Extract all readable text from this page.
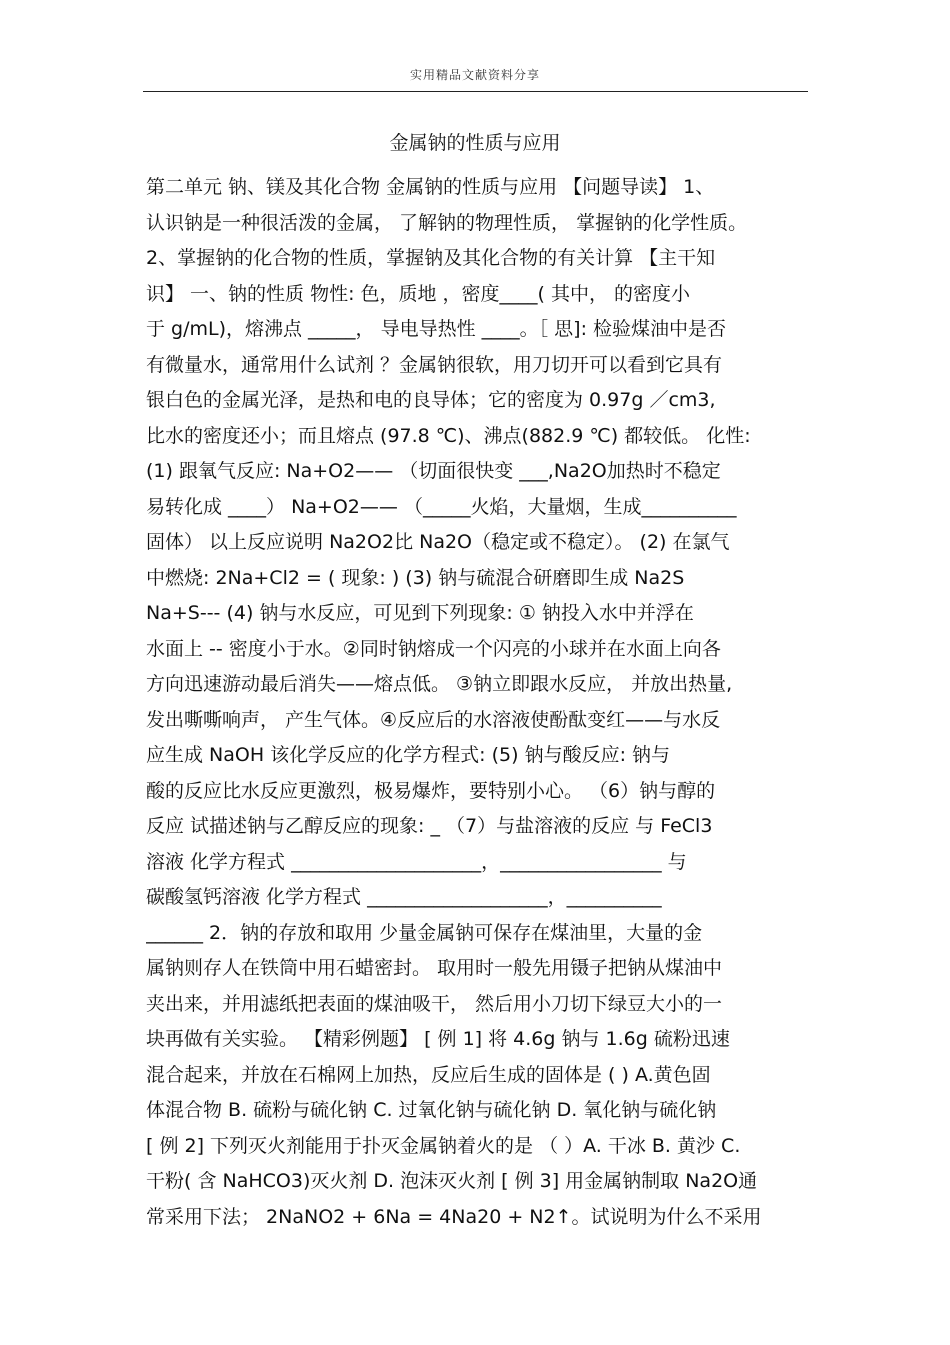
实用精品文献资料分享
金属钠的性质与应用
第二单元 钠、镁及其化合物 金属钠的性质与应用 【问题导读】 1、
认识钠是一种很活泼的金属， 了解钠的物理性质， 掌握钠的化学性质。
2、掌握钠的化合物的性质，掌握钠及其化合物的有关计算 【主干知
识】 一、钠的性质 物性: 色，质地 ，密度____( 其中， 的密度小
于 g/mL)，熔沸点 _____， 导电导热性 ____。［ 思]: 检验煤油中是否
有微量水，通常用什么试剂 ？金属钠很软，用刀切开可以看到它具有
银白色的金属光泽，是热和电的良导体；它的密度为 0.97g ／cm3,
比水的密度还小；而且熔点 (97.8 ℃)、沸点(882.9 ℃) 都较低。 化性:
(1) 跟氧气反应: Na+O2—— （切面很快变 ___,Na2O加热时不稳定
易转化成 ____） Na+O2—— （_____火焰，大量烟，生成__________
固体） 以上反应说明 Na2O2比 Na2O（稳定或不稳定）。 (2) 在氯气
中燃烧: 2Na+Cl2 = ( 现象: ) (3) 钠与硫混合研磨即生成 Na2S
Na+S--- (4) 钠与水反应，可见到下列现象: ① 钠投入水中并浮在
水面上 -- 密度小于水。②同时钠熔成一个闪亮的小球并在水面上向各
方向迅速游动最后消失——熔点低。 ③钠立即跟水反应， 并放出热量,
发出嘶嘶响声， 产生气体。④反应后的水溶液使酚酞变红——与水反
应生成 NaOH 该化学反应的化学方程式: (5) 钠与酸反应: 钠与
酸的反应比水反应更激烈，极易爆炸，要特别小心。 （6）钠与醇的
反应 试描述钠与乙醇反应的现象: _ （7）与盐溶液的反应 与 FeCl3
溶液 化学方程式 ____________________，_________________ 与
碳酸氢钙溶液 化学方程式 ___________________，__________
______ 2．钠的存放和取用 少量金属钠可保存在煤油里，大量的金
属钠则存人在铁筒中用石蜡密封。 取用时一般先用镊子把钠从煤油中
夹出来，并用滤纸把表面的煤油吸干， 然后用小刀切下绿豆大小的一
块再做有关实验。 【精彩例题】 [ 例 1] 将 4.6g 钠与 1.6g 硫粉迅速
混合起来，并放在石棉网上加热，反应后生成的固体是 ( ) A.黄色固
体混合物 B. 硫粉与硫化钠 C. 过氧化钠与硫化钠 D. 氧化钠与硫化钠
[ 例 2] 下列灭火剂能用于扑灭金属钠着火的是 （ ）A. 干冰 B. 黄沙 C.
干粉( 含 NaHCO3)灭火剂 D. 泡沫灭火剂 [ 例 3] 用金属钠制取 Na2O通
常采用下法； 2NaNO2 + 6Na = 4Na20 + N2↑。试说明为什么不采用
